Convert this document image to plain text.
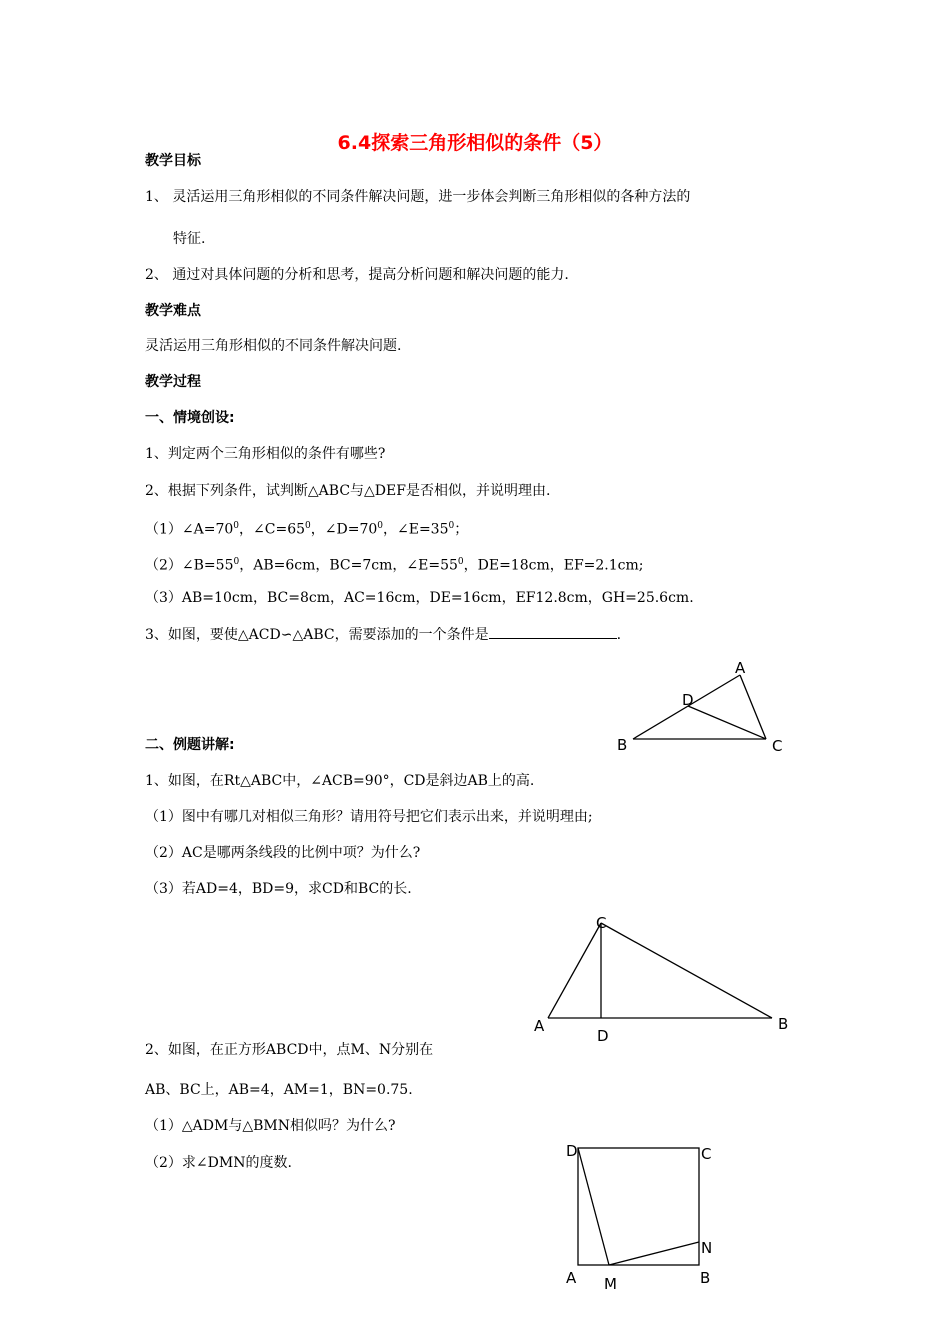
6.4探索三角形相似的条件（5）
教学目标
1、 灵活运用三角形相似的不同条件解决问题，进一步体会判断三角形相似的各种方法的
特征.
2、 通过对具体问题的分析和思考，提高分析问题和解决问题的能力.
教学难点
灵活运用三角形相似的不同条件解决问题.
教学过程
一、情境创设:
1、判定两个三角形相似的条件有哪些?
2、根据下列条件，试判断△ABC与△DEF是否相似，并说明理由.
$(1)\angle A=70^0$，$\angle C=65^0$，$\angle D=70^0$，$\angle E=35^0$；
$(2)\angle B=55^0$，AB=6cm，BC=7cm，$\angle E=55^0$，DE=18cm，EF=2.1cm;
（3）AB=10cm，BC=8cm，AC=16cm，DE=16cm，EF12.8cm，GH=25.6cm.
3、如图，要使△ACD∽△ABC，需要添加的一个条件是	.
A
D
B	C
二、例题讲解:
1、如图，在Rt△ABC中，∠ACB=90°，CD是斜边AB上的高.
（1）图中有哪几对相似三角形？请用符号把它们表示出来，并说明理由;
（2）AC是哪两条线段的比例中项？为什么?
（3）若AD=4，BD=9，求CD和BC的长.
C
A
D
B
2、如图，在正方形ABCD中，点M、N分别在
AB、BC上，AB=4，AM=1，BN=0.75.
（1）△ADM与△BMN相似吗？为什么?
（2）求∠DMN的度数.
D	C
N
A M	B
